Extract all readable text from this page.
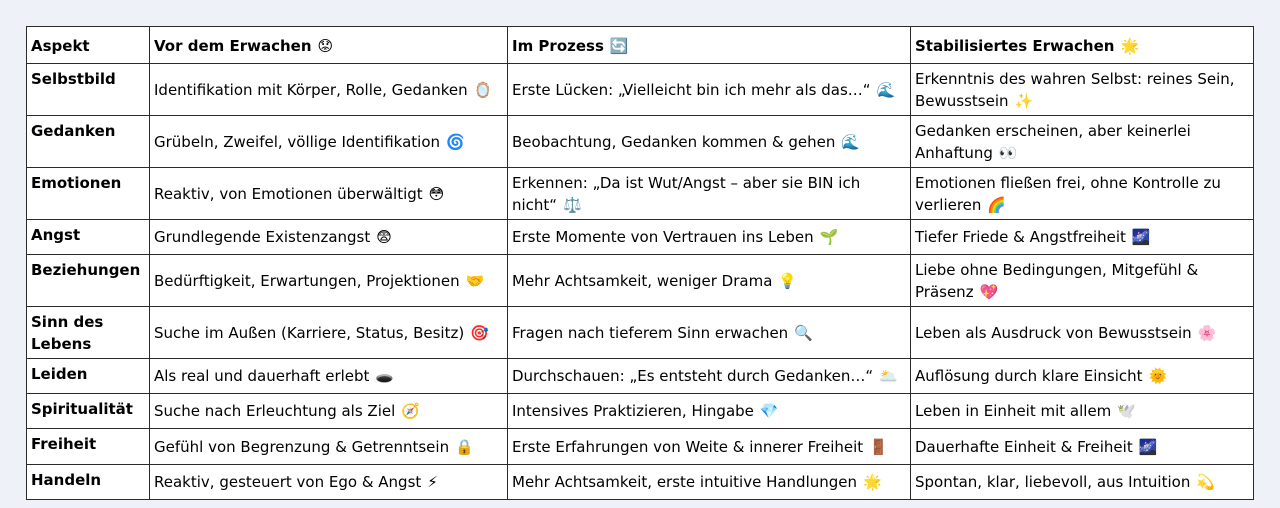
Aspekt	Vor dem Erwachen 😟	Im Prozess 🔄	Stabilisiertes Erwachen 🌟
Selbstbild	Identifikation mit Körper, Rolle, Gedanken 🪞	Erste Lücken: „Vielleicht bin ich mehr als das…“ 🌊	Erkenntnis des wahren Selbst: reines Sein, Bewusstsein ✨
Gedanken	Grübeln, Zweifel, völlige Identifikation 🌀	Beobachtung, Gedanken kommen & gehen 🌊	Gedanken erscheinen, aber keinerlei Anhaftung 👀
Emotionen	Reaktiv, von Emotionen überwältigt 😳	Erkennen: „Da ist Wut/Angst – aber sie BIN ich nicht“ ⚖️	Emotionen fließen frei, ohne Kontrolle zu verlieren 🌈
Angst	Grundlegende Existenzangst 😨	Erste Momente von Vertrauen ins Leben 🌱	Tiefer Friede & Angstfreiheit 🌌
Beziehungen	Bedürftigkeit, Erwartungen, Projektionen 🤝	Mehr Achtsamkeit, weniger Drama 💡	Liebe ohne Bedingungen, Mitgefühl & Präsenz 💖
Sinn des Lebens	Suche im Außen (Karriere, Status, Besitz) 🎯	Fragen nach tieferem Sinn erwachen 🔍	Leben als Ausdruck von Bewusstsein 🌸
Leiden	Als real und dauerhaft erlebt 🕳️	Durchschauen: „Es entsteht durch Gedanken…“ 🌥️	Auflösung durch klare Einsicht 🌞
Spiritualität	Suche nach Erleuchtung als Ziel 🧭	Intensives Praktizieren, Hingabe 💎	Leben in Einheit mit allem 🕊️
Freiheit	Gefühl von Begrenzung & Getrenntsein 🔒	Erste Erfahrungen von Weite & innerer Freiheit 🚪	Dauerhafte Einheit & Freiheit 🌌
Handeln	Reaktiv, gesteuert von Ego & Angst ⚡	Mehr Achtsamkeit, erste intuitive Handlungen 🌟	Spontan, klar, liebevoll, aus Intuition 💫
